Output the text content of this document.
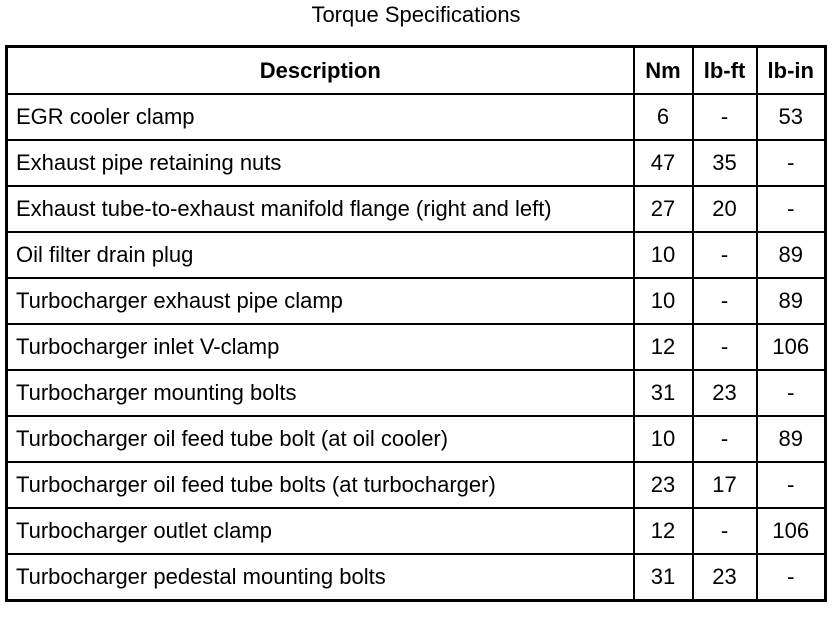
Torque Specifications
Description	Nm	lb-ft	lb-in
EGR cooler clamp	6	-	53
Exhaust pipe retaining nuts	47	35	-
Exhaust tube-to-exhaust manifold flange (right and left)	27	20	-
Oil filter drain plug	10	-	89
Turbocharger exhaust pipe clamp	10	-	89
Turbocharger inlet V-clamp	12	-	106
Turbocharger mounting bolts	31	23	-
Turbocharger oil feed tube bolt (at oil cooler)	10	-	89
Turbocharger oil feed tube bolts (at turbocharger)	23	17	-
Turbocharger outlet clamp	12	-	106
Turbocharger pedestal mounting bolts	31	23	-
